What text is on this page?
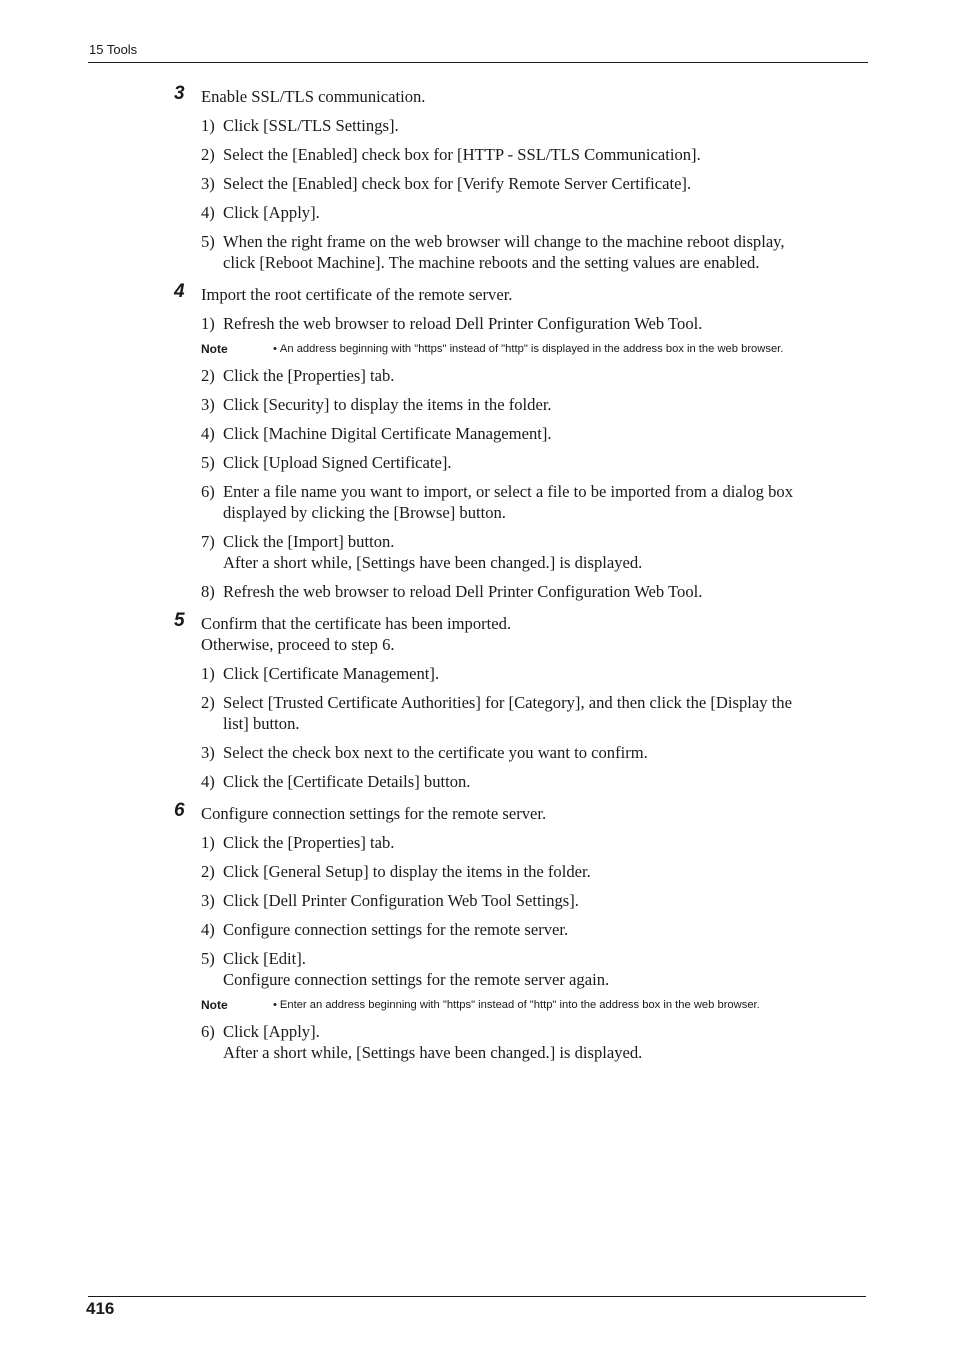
15 Tools
3 Enable SSL/TLS communication.
1) Click [SSL/TLS Settings].
2) Select the [Enabled] check box for [HTTP - SSL/TLS Communication].
3) Select the [Enabled] check box for [Verify Remote Server Certificate].
4) Click [Apply].
5) When the right frame on the web browser will change to the machine reboot display,
click [Reboot Machine]. The machine reboots and the setting values are enabled.
4 Import the root certificate of the remote server.
1) Refresh the web browser to reload Dell Printer Configuration Web Tool.
Note	• An address beginning with "https" instead of "http" is displayed in the address box in the web browser.
2) Click the [Properties] tab.
3) Click [Security] to display the items in the folder.
4) Click [Machine Digital Certificate Management].
5) Click [Upload Signed Certificate].
6) Enter a file name you want to import, or select a file to be imported from a dialog box
displayed by clicking the [Browse] button.
7) Click the [Import] button.
After a short while, [Settings have been changed.] is displayed.
8) Refresh the web browser to reload Dell Printer Configuration Web Tool.
5 Confirm that the certificate has been imported.
Otherwise, proceed to step 6.
1) Click [Certificate Management].
2) Select [Trusted Certificate Authorities] for [Category], and then click the [Display the
list] button.
3) Select the check box next to the certificate you want to confirm.
4) Click the [Certificate Details] button.
6 Configure connection settings for the remote server.
1) Click the [Properties] tab.
2) Click [General Setup] to display the items in the folder.
3) Click [Dell Printer Configuration Web Tool Settings].
4) Configure connection settings for the remote server.
5) Click [Edit].
Configure connection settings for the remote server again.
Note	• Enter an address beginning with "https" instead of "http" into the address box in the web browser.
6) Click [Apply].
After a short while, [Settings have been changed.] is displayed.
416
